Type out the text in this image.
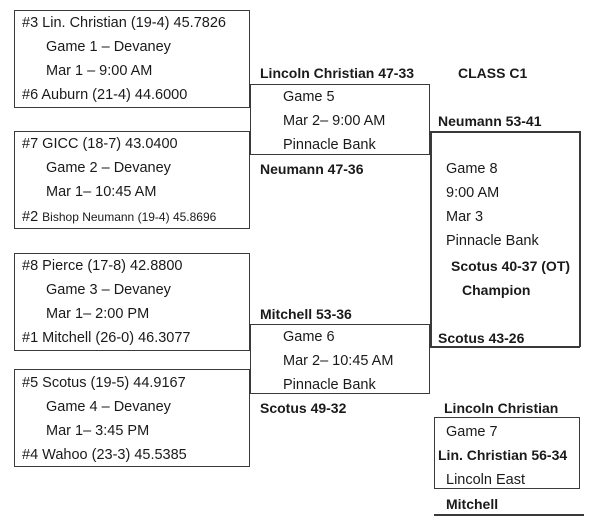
#3 Lin. Christian (19-4) 45.7826
Game 1 – Devaney
Mar 1 – 9:00 AM
#6 Auburn (21-4) 44.6000
#7 GICC (18-7) 43.0400
Game 2 – Devaney
Mar 1– 10:45 AM
#2 Bishop Neumann (19-4) 45.8696
#8 Pierce (17-8) 42.8800
Game 3 – Devaney
Mar 1– 2:00 PM
#1 Mitchell (26-0) 46.3077
#5 Scotus (19-5) 44.9167
Game 4 – Devaney
Mar 1– 3:45 PM
#4 Wahoo (23-3) 45.5385
Lincoln Christian 47-33	CLASS C1
Game 5
Mar 2– 9:00 AM
Pinnacle Bank
Neumann 53-41
Neumann 47-36	Game 8
9:00 AM
Mar 3
Pinnacle Bank
Scotus 40-37 (OT)
Champion
Mitchell 53-36
Game 6
Mar 2– 10:45 AM
Pinnacle Bank
Scotus 43-26
Scotus 49-32	Lincoln Christian
Game 7
Lin. Christian 56-34
Lincoln East
Mitchell
